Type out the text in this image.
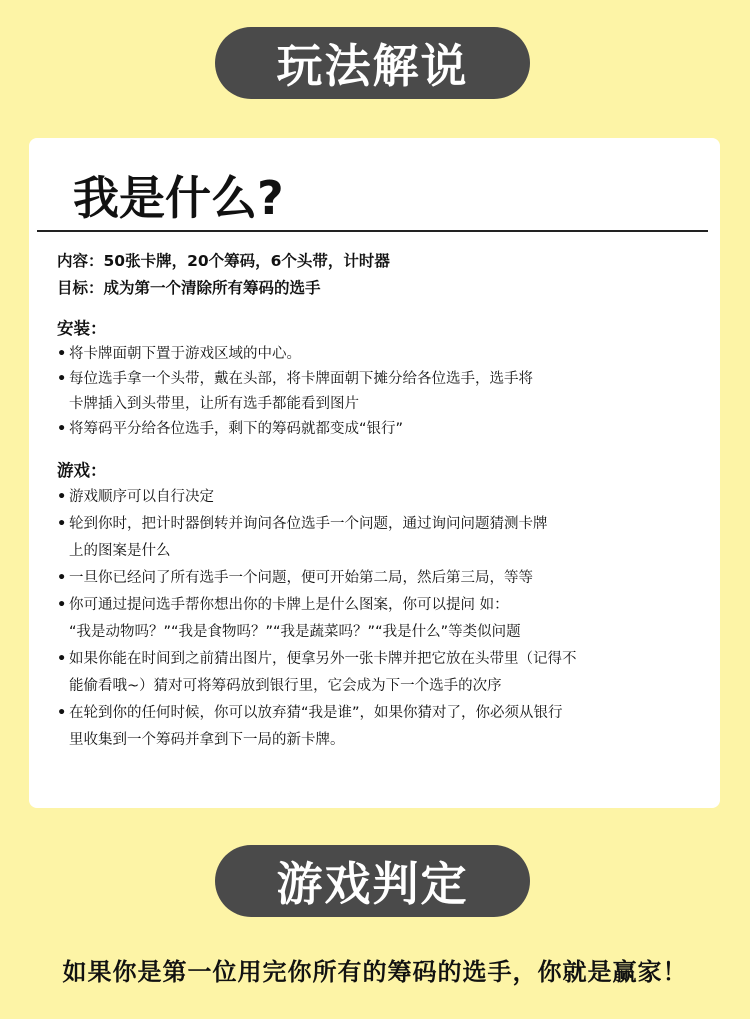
玩法解说
我是什么?
内容：50张卡牌，20个筹码，6个头带，计时器
目标：成为第一个清除所有筹码的选手
安装：
• 将卡牌面朝下置于游戏区域的中心。
• 每位选手拿一个头带，戴在头部，将卡牌面朝下摊分给各位选手，选手将
卡牌插入到头带里，让所有选手都能看到图片
• 将筹码平分给各位选手，剩下的筹码就都变成“银行”
游戏：
• 游戏顺序可以自行决定
• 轮到你时，把计时器倒转并询问各位选手一个问题，通过询问问题猜测卡牌
上的图案是什么
• 一旦你已经问了所有选手一个问题，便可开始第二局，然后第三局，等等
• 你可通过提问选手帮你想出你的卡牌上是什么图案，你可以提问 如：
“我是动物吗？”“我是食物吗？”“我是蔬菜吗？”“我是什么”等类似问题
• 如果你能在时间到之前猜出图片，便拿另外一张卡牌并把它放在头带里（记得不
能偷看哦~）猜对可将筹码放到银行里，它会成为下一个选手的次序
• 在轮到你的任何时候，你可以放弃猜“我是谁”，如果你猜对了，你必须从银行
里收集到一个筹码并拿到下一局的新卡牌。
游戏判定
如果你是第一位用完你所有的筹码的选手，你就是赢家！
